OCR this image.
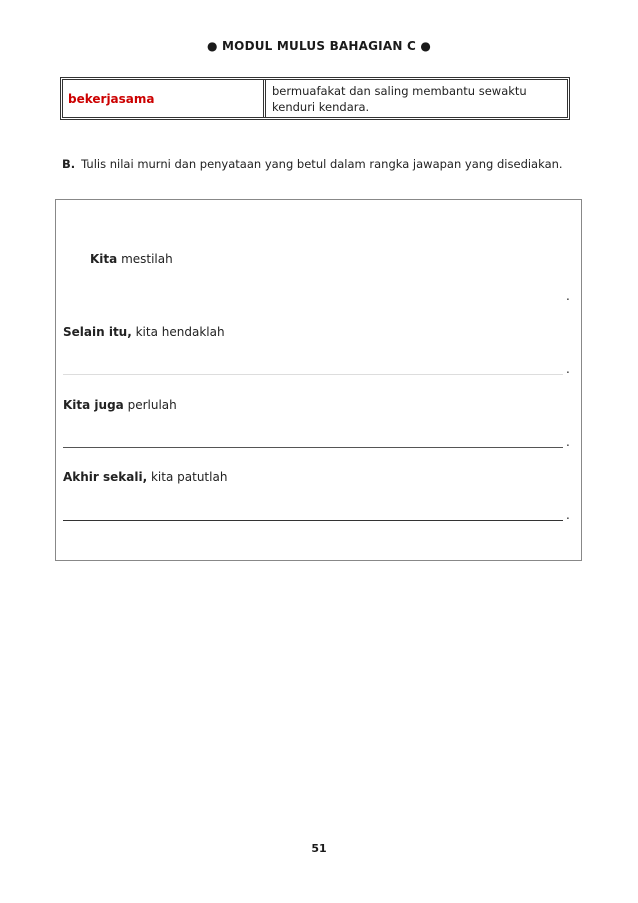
● MODUL MULUS BAHAGIAN C ●
bekerjasama
bermuafakat dan saling membantu sewaktu kenduri kendara.
B. Tulis nilai murni dan penyataan yang betul dalam rangka jawapan yang disediakan.
Kita mestilah
.
Selain itu, kita hendaklah
.
Kita juga perlulah
.
Akhir sekali, kita patutlah
.
51
